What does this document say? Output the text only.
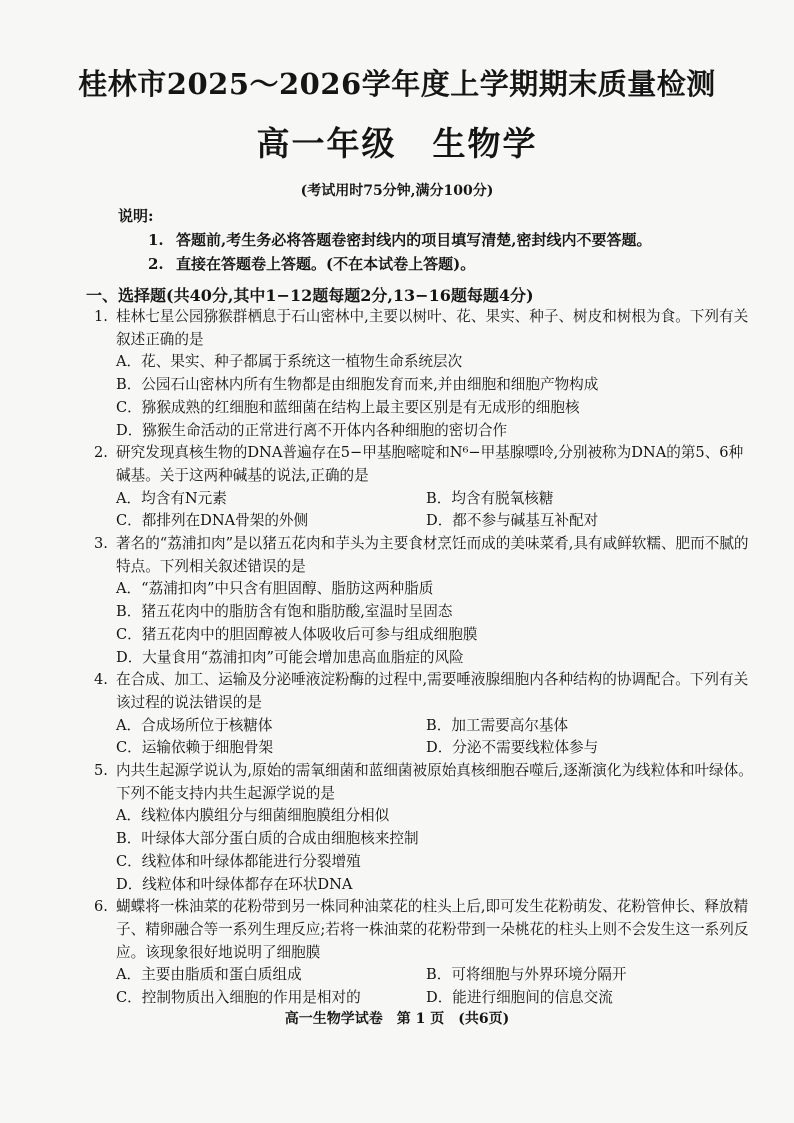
桂林市2025～2026学年度上学期期末质量检测
高一年级 生物学
(考试用时75分钟,满分100分)
说明:
1. 答题前,考生务必将答题卷密封线内的项目填写清楚,密封线内不要答题。
2. 直接在答题卷上答题。(不在本试卷上答题)。
一、选择题(共40分,其中1−12题每题2分,13−16题每题4分)
1. 桂林七星公园猕猴群栖息于石山密林中,主要以树叶、花、果实、种子、树皮和树根为食。下列有关叙述正确的是
A．花、果实、种子都属于系统这一植物生命系统层次
B．公园石山密林内所有生物都是由细胞发育而来,并由细胞和细胞产物构成
C．猕猴成熟的红细胞和蓝细菌在结构上最主要区别是有无成形的细胞核
D．猕猴生命活动的正常进行离不开体内各种细胞的密切合作
2. 研究发现真核生物的DNA普遍存在5−甲基胞嘧啶和N⁶−甲基腺嘌呤,分别被称为DNA的第5、6种碱基。关于这两种碱基的说法,正确的是
A．均含有N元素	B．均含有脱氧核糖
C．都排列在DNA骨架的外侧	D．都不参与碱基互补配对
3. 著名的“荔浦扣肉”是以猪五花肉和芋头为主要食材烹饪而成的美味菜肴,具有咸鲜软糯、肥而不腻的特点。下列相关叙述错误的是
A．“荔浦扣肉”中只含有胆固醇、脂肪这两种脂质
B．猪五花肉中的脂肪含有饱和脂肪酸,室温时呈固态
C．猪五花肉中的胆固醇被人体吸收后可参与组成细胞膜
D．大量食用“荔浦扣肉”可能会增加患高血脂症的风险
4. 在合成、加工、运输及分泌唾液淀粉酶的过程中,需要唾液腺细胞内各种结构的协调配合。下列有关该过程的说法错误的是
A．合成场所位于核糖体	B．加工需要高尔基体
C．运输依赖于细胞骨架	D．分泌不需要线粒体参与
5. 内共生起源学说认为,原始的需氧细菌和蓝细菌被原始真核细胞吞噬后,逐渐演化为线粒体和叶绿体。下列不能支持内共生起源学说的是
A．线粒体内膜组分与细菌细胞膜组分相似
B．叶绿体大部分蛋白质的合成由细胞核来控制
C．线粒体和叶绿体都能进行分裂增殖
D．线粒体和叶绿体都存在环状DNA
6. 蝴蝶将一株油菜的花粉带到另一株同种油菜花的柱头上后,即可发生花粉萌发、花粉管伸长、释放精子、精卵融合等一系列生理反应;若将一株油菜的花粉带到一朵桃花的柱头上则不会发生这一系列反应。该现象很好地说明了细胞膜
A．主要由脂质和蛋白质组成	B．可将细胞与外界环境分隔开
C．控制物质出入细胞的作用是相对的	D．能进行细胞间的信息交流
高一生物学试卷　第 1 页　(共6页)
